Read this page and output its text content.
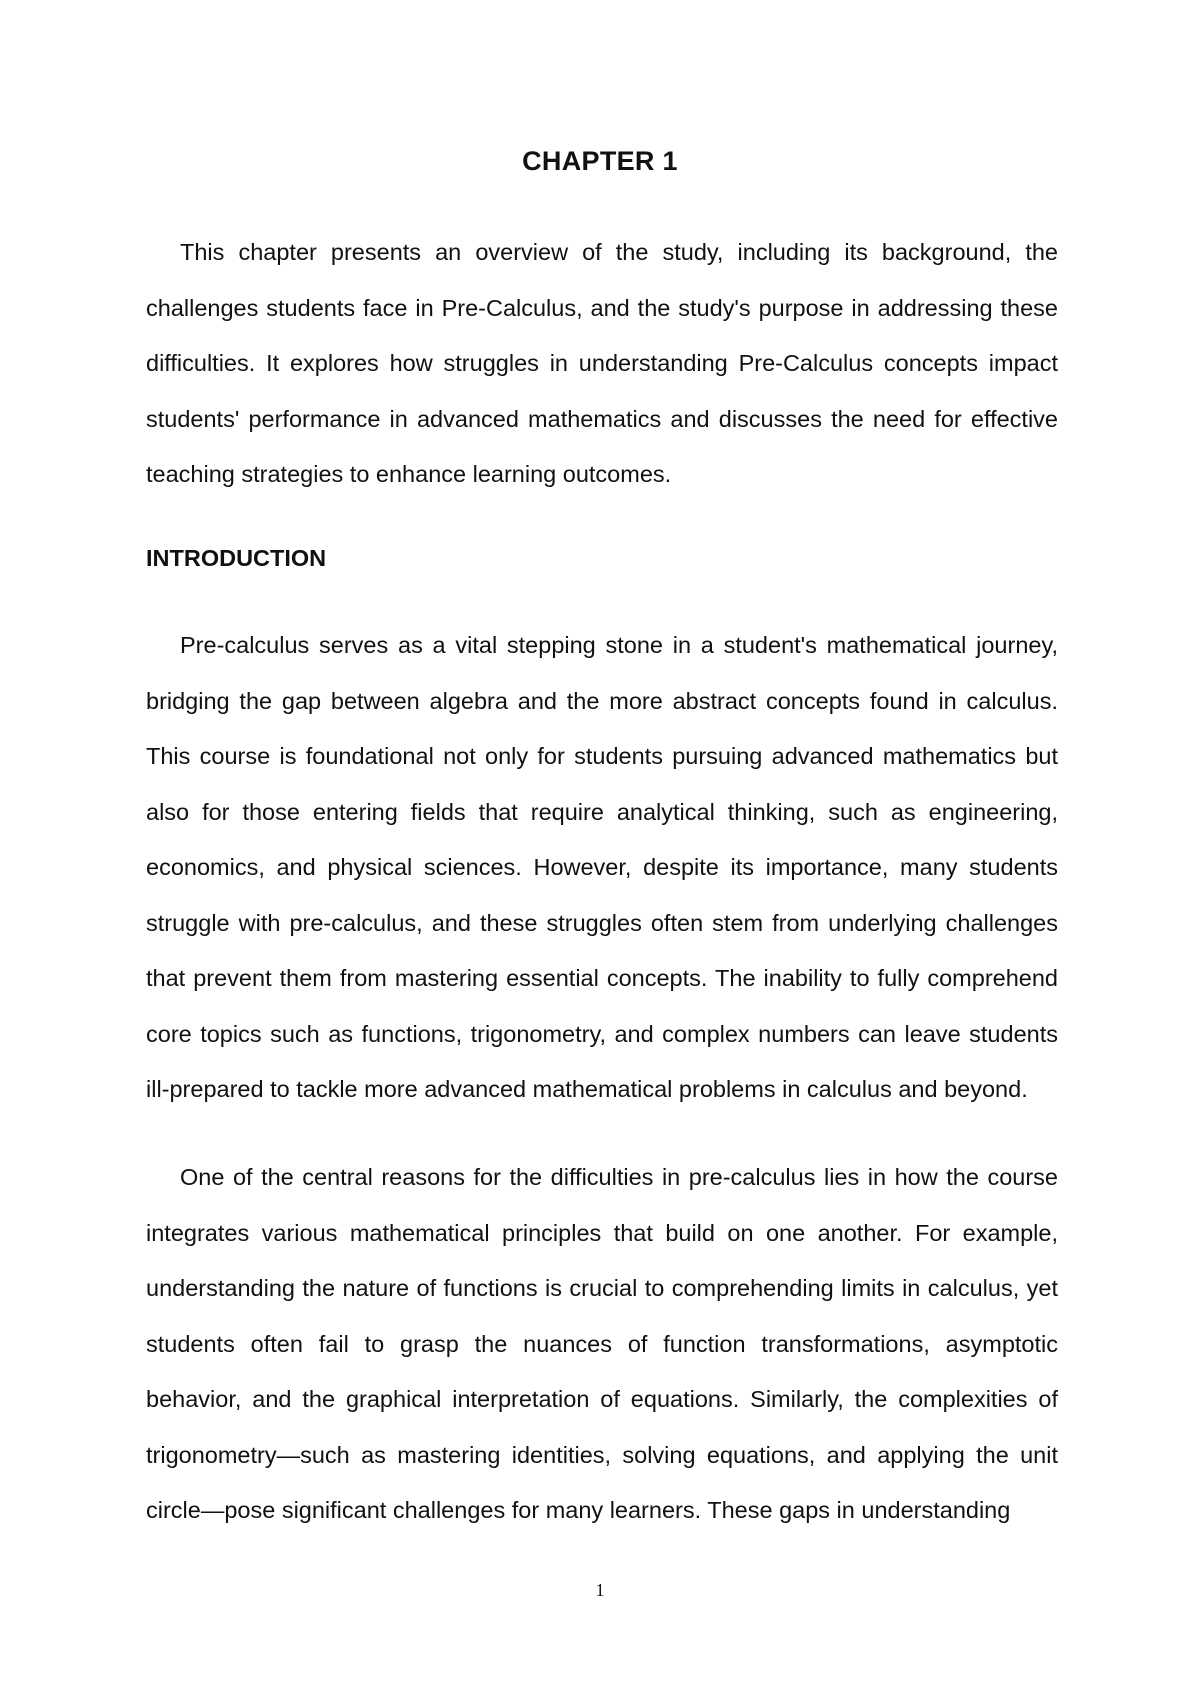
CHAPTER 1

This chapter presents an overview of the study, including its background, the challenges students face in Pre-Calculus, and the study's purpose in addressing these difficulties. It explores how struggles in understanding Pre-Calculus concepts impact students' performance in advanced mathematics and discusses the need for effective teaching strategies to enhance learning outcomes.

INTRODUCTION

Pre-calculus serves as a vital stepping stone in a student's mathematical journey, bridging the gap between algebra and the more abstract concepts found in calculus. This course is foundational not only for students pursuing advanced mathematics but also for those entering fields that require analytical thinking, such as engineering, economics, and physical sciences. However, despite its importance, many students struggle with pre-calculus, and these struggles often stem from underlying challenges that prevent them from mastering essential concepts. The inability to fully comprehend core topics such as functions, trigonometry, and complex numbers can leave students ill-prepared to tackle more advanced mathematical problems in calculus and beyond.

One of the central reasons for the difficulties in pre-calculus lies in how the course integrates various mathematical principles that build on one another. For example, understanding the nature of functions is crucial to comprehending limits in calculus, yet students often fail to grasp the nuances of function transformations, asymptotic behavior, and the graphical interpretation of equations. Similarly, the complexities of trigonometry—such as mastering identities, solving equations, and applying the unit circle—pose significant challenges for many learners. These gaps in understanding

1
